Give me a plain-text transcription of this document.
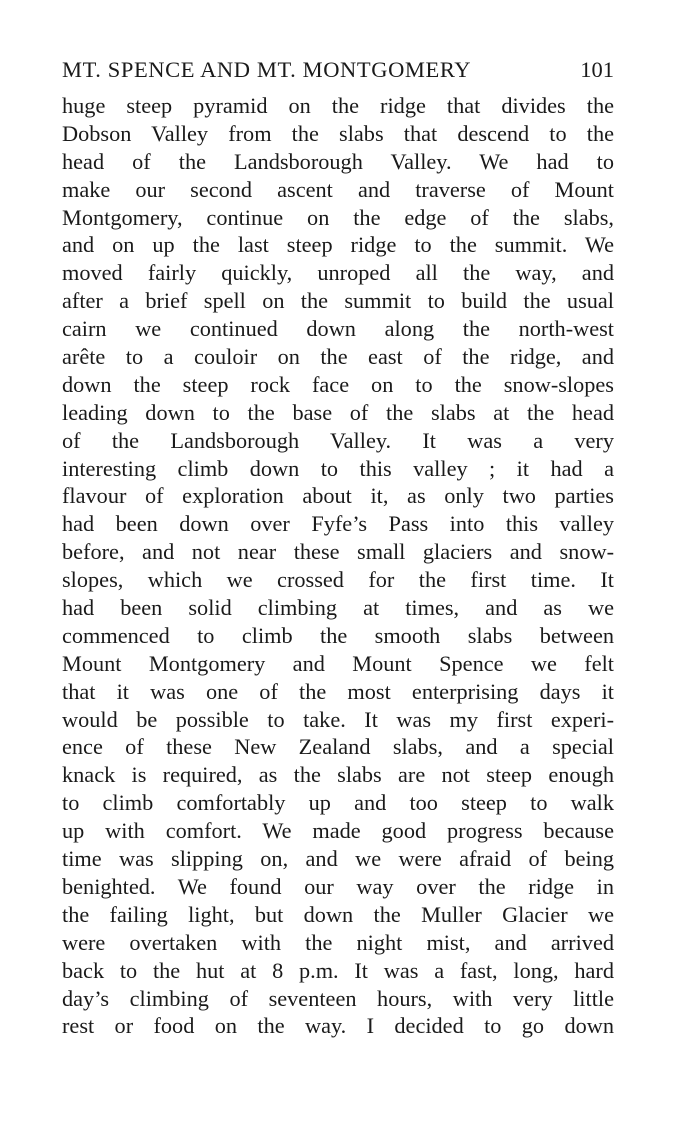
MT. SPENCE AND MT. MONTGOMERY	101
huge steep pyramid on the ridge that divides the
Dobson Valley from the slabs that descend to the
head of the Landsborough Valley. We had to
make our second ascent and traverse of Mount
Montgomery, continue on the edge of the slabs,
and on up the last steep ridge to the summit. We
moved fairly quickly, unroped all the way, and
after a brief spell on the summit to build the usual
cairn we continued down along the north-west
arête to a couloir on the east of the ridge, and
down the steep rock face on to the snow-slopes
leading down to the base of the slabs at the head
of the Landsborough Valley. It was a very
interesting climb down to this valley ; it had a
flavour of exploration about it, as only two parties
had been down over Fyfe’s Pass into this valley
before, and not near these small glaciers and snow-
slopes, which we crossed for the first time. It
had been solid climbing at times, and as we
commenced to climb the smooth slabs between
Mount Montgomery and Mount Spence we felt
that it was one of the most enterprising days it
would be possible to take. It was my first experi-
ence of these New Zealand slabs, and a special
knack is required, as the slabs are not steep enough
to climb comfortably up and too steep to walk
up with comfort. We made good progress because
time was slipping on, and we were afraid of being
benighted. We found our way over the ridge in
the failing light, but down the Muller Glacier we
were overtaken with the night mist, and arrived
back to the hut at 8 p.m. It was a fast, long, hard
day’s climbing of seventeen hours, with very little
rest or food on the way. I decided to go down
